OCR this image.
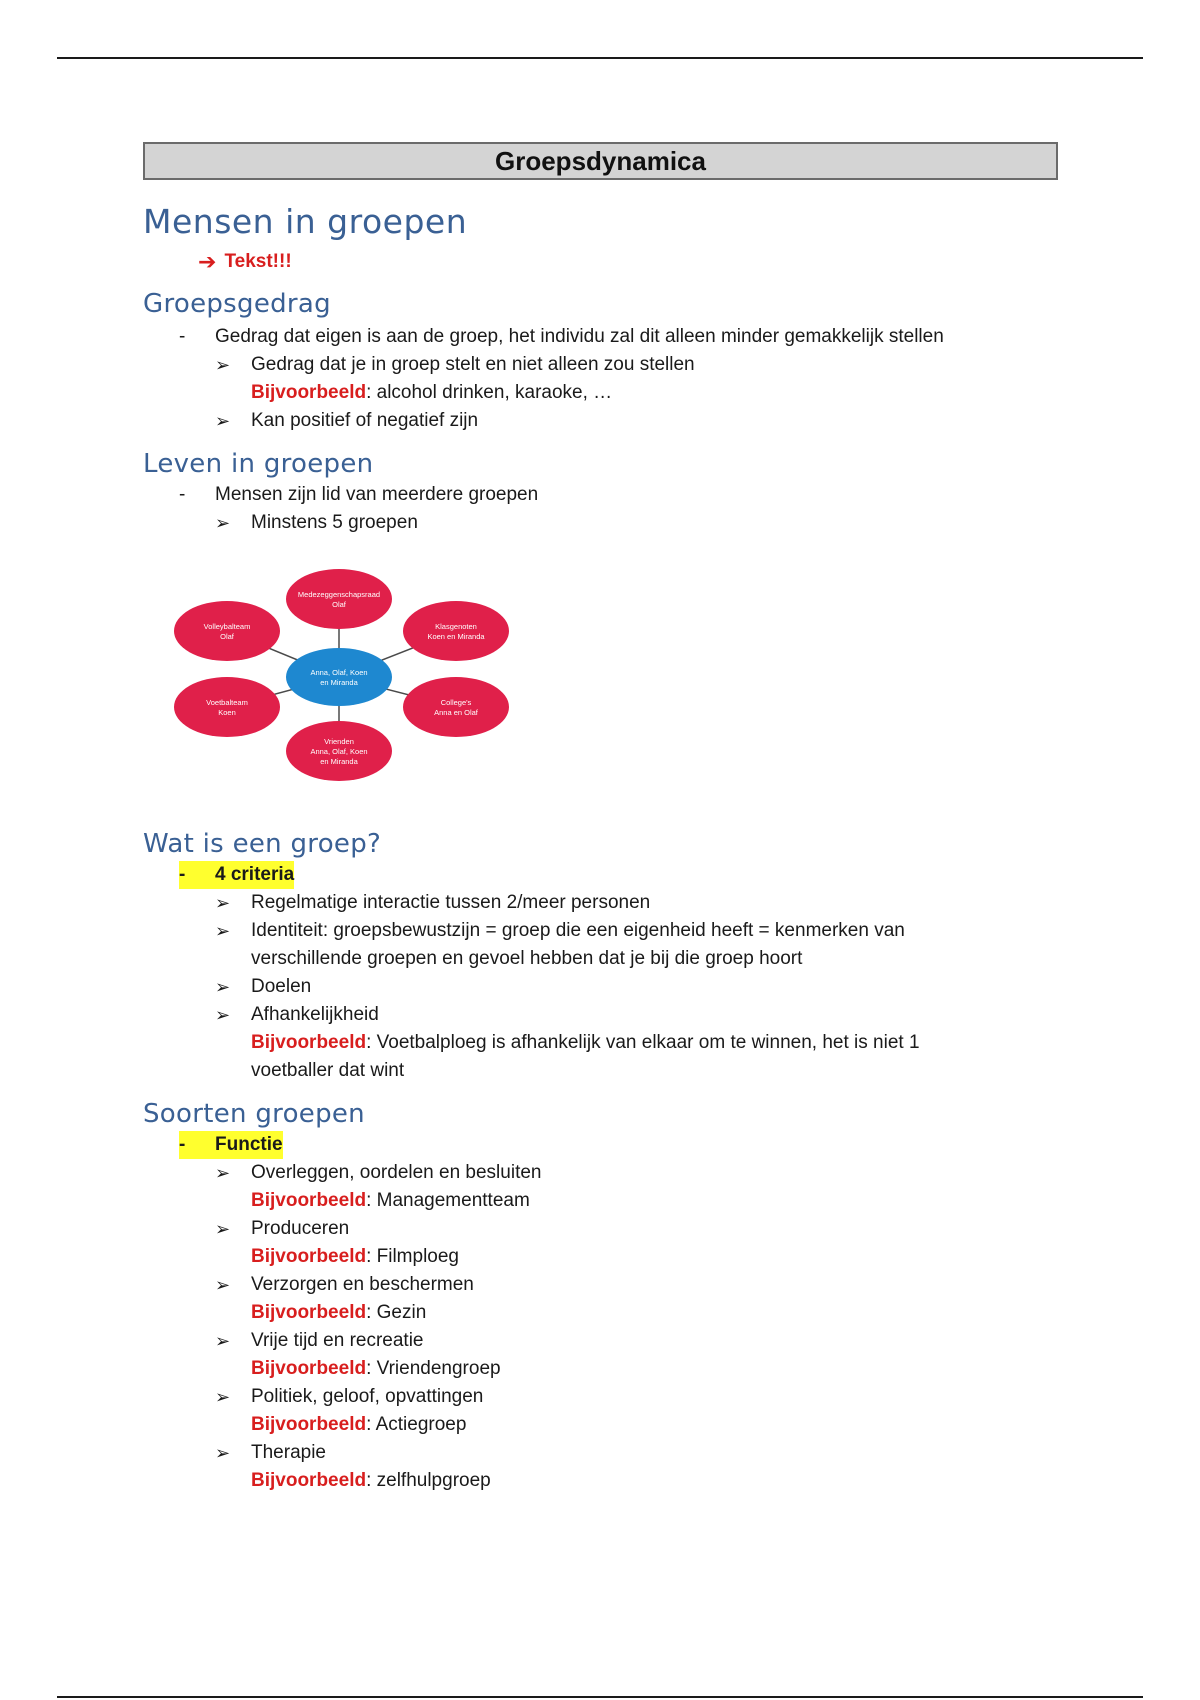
Groepsdynamica
Mensen in groepen
➔ Tekst!!!
Groepsgedrag
-	Gedrag dat eigen is aan de groep, het individu zal dit alleen minder gemakkelijk stellen
➢	Gedrag dat je in groep stelt en niet alleen zou stellen
Bijvoorbeeld: alcohol drinken, karaoke, …
➢	Kan positief of negatief zijn
Leven in groepen
-	Mensen zijn lid van meerdere groepen
➢	Minstens 5 groepen
Medezeggenschapsraad Olaf
Klasgenoten Koen en Miranda
College's Anna en Olaf
Vrienden Anna, Olaf, Koen en Miranda
Voetbalteam Koen
Volleybalteam Olaf
Anna, Olaf, Koen en Miranda
Wat is een groep?
-	4 criteria
➢	Regelmatige interactie tussen 2/meer personen
➢	Identiteit: groepsbewustzijn = groep die een eigenheid heeft = kenmerken van
verschillende groepen en gevoel hebben dat je bij die groep hoort
➢	Doelen
➢	Afhankelijkheid
Bijvoorbeeld: Voetbalploeg is afhankelijk van elkaar om te winnen, het is niet 1
voetballer dat wint
Soorten groepen
-	Functie
➢	Overleggen, oordelen en besluiten
Bijvoorbeeld: Managementteam
➢	Produceren
Bijvoorbeeld: Filmploeg
➢	Verzorgen en beschermen
Bijvoorbeeld: Gezin
➢	Vrije tijd en recreatie
Bijvoorbeeld: Vriendengroep
➢	Politiek, geloof, opvattingen
Bijvoorbeeld: Actiegroep
➢	Therapie
Bijvoorbeeld: zelfhulpgroep
